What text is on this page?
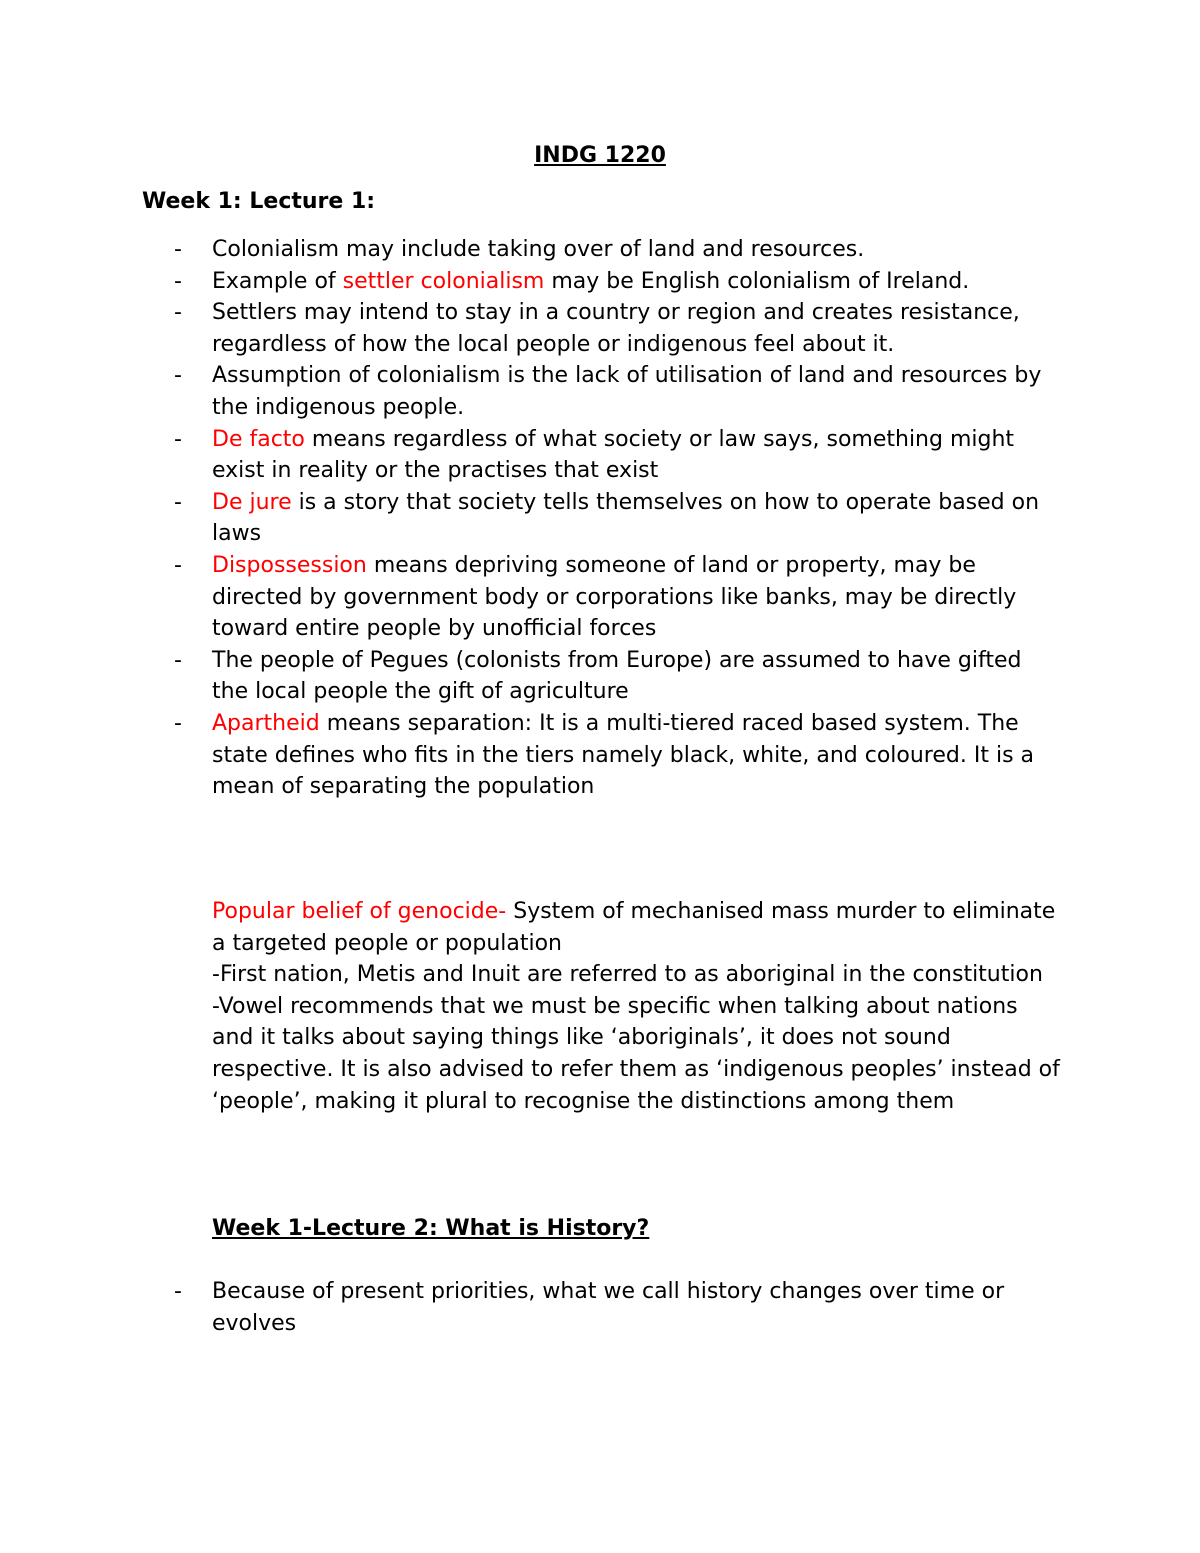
INDG 1220
Week 1: Lecture 1:
- Colonialism may include taking over of land and resources.
- Example of settler colonialism may be English colonialism of Ireland.
- Settlers may intend to stay in a country or region and creates resistance, regardless of how the local people or indigenous feel about it.
- Assumption of colonialism is the lack of utilisation of land and resources by the indigenous people.
- De facto means regardless of what society or law says, something might exist in reality or the practises that exist
- De jure is a story that society tells themselves on how to operate based on laws
- Dispossession means depriving someone of land or property, may be directed by government body or corporations like banks, may be directly toward entire people by unofficial forces
- The people of Pegues (colonists from Europe) are assumed to have gifted the local people the gift of agriculture
- Apartheid means separation: It is a multi-tiered raced based system. The state defines who fits in the tiers namely black, white, and coloured. It is a mean of separating the population

Popular belief of genocide- System of mechanised mass murder to eliminate a targeted people or population

-First nation, Metis and Inuit are referred to as aboriginal in the constitution

-Vowel recommends that we must be specific when talking about nations and it talks about saying things like ‘aboriginals’, it does not sound respective. It is also advised to refer them as ‘indigenous peoples’ instead of ‘people’, making it plural to recognise the distinctions among them

Week 1-Lecture 2: What is History?
- Because of present priorities, what we call history changes over time or evolves
